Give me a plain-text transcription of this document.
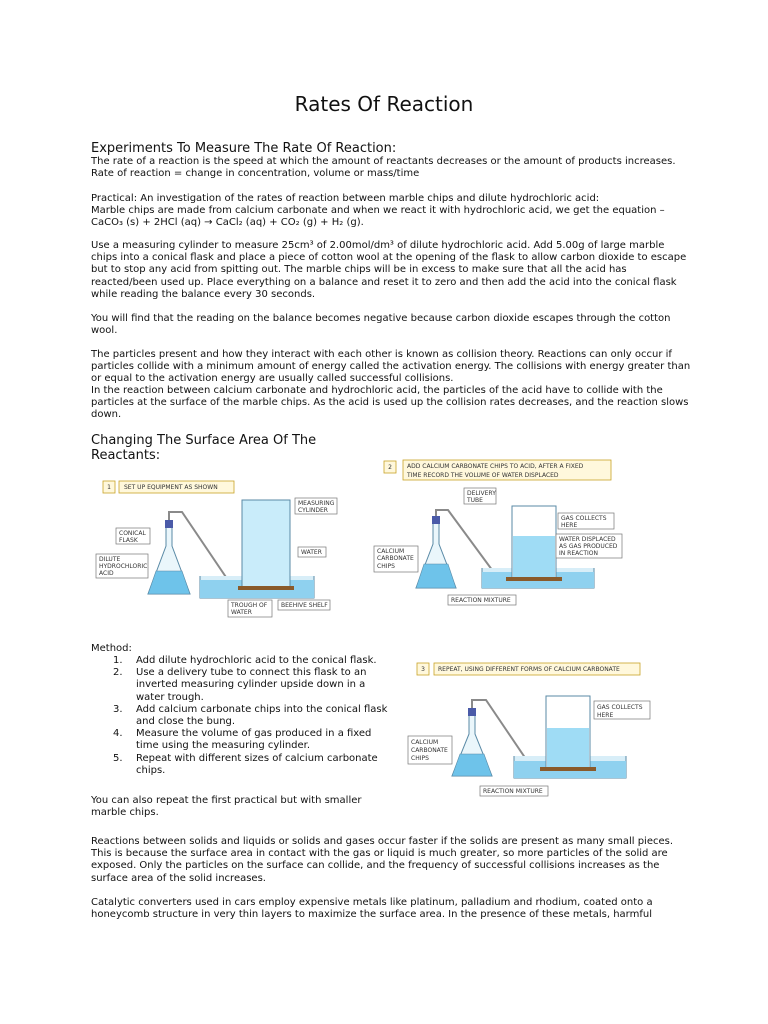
Rates Of Reaction
Experiments To Measure The Rate Of Reaction:

The rate of a reaction is the speed at which the amount of reactants decreases or the amount of products increases.
Rate of reaction = change in concentration, volume or mass/time

Practical: An investigation of the rates of reaction between marble chips and dilute hydrochloric acid:
Marble chips are made from calcium carbonate and when we react it with hydrochloric acid, we get the equation –
CaCO₃ (s) + 2HCl (aq) → CaCl₂ (aq) + CO₂ (g) + H₂ (g).

Use a measuring cylinder to measure 25cm³ of 2.00mol/dm³ of dilute hydrochloric acid. Add 5.00g of large marble chips into a conical flask and place a piece of cotton wool at the opening of the flask to allow carbon dioxide to escape but to stop any acid from spitting out. The marble chips will be in excess to make sure that all the acid has reacted/been used up. Place everything on a balance and reset it to zero and then add the acid into the conical flask while reading the balance every 30 seconds.

You will find that the reading on the balance becomes negative because carbon dioxide escapes through the cotton wool.

The particles present and how they interact with each other is known as collision theory. Reactions can only occur if particles collide with a minimum amount of energy called the activation energy. The collisions with energy greater than or equal to the activation energy are usually called successful collisions.

In the reaction between calcium carbonate and hydrochloric acid, the particles of the acid have to collide with the particles at the surface of the marble chips. As the acid is used up the collision rates decreases, and the reaction slows down.

Changing The Surface Area Of The
Reactants:
1 SET UP EQUIPMENT AS SHOWN
CONICAL
FLASK
DILUTE
HYDROCHLORIC
ACID
MEASURING
CYLINDER
WATER
TROUGH OF
WATER
BEEHIVE SHELF
2	ADD CALCIUM CARBONATE CHIPS TO ACID, AFTER A FIXED
TIME RECORD THE VOLUME OF WATER DISPLACED
DELIVERY
TUBE
GAS COLLECTS
HERE
WATER DISPLACED
AS GAS PRODUCED
IN REACTION
CALCIUM
CARBONATE
CHIPS
REACTION MIXTURE

Method:

1. Add dilute hydrochloric acid to the conical flask.
2. Use a delivery tube to connect this flask to an inverted measuring cylinder upside down in a water trough.
3. Add calcium carbonate chips into the conical flask and close the bung.
4. Measure the volume of gas produced in a fixed time using the measuring cylinder.
5. Repeat with different sizes of calcium carbonate chips.

You can also repeat the first practical but with smaller marble chips.

3 REPEAT, USING DIFFERENT FORMS OF CALCIUM CARBONATE
GAS COLLECTS
HERE
CALCIUM
CARBONATE
CHIPS
REACTION MIXTURE

Reactions between solids and liquids or solids and gases occur faster if the solids are present as many small pieces. This is because the surface area in contact with the gas or liquid is much greater, so more particles of the solid are exposed. Only the particles on the surface can collide, and the frequency of successful collisions increases as the surface area of the solid increases.

Catalytic converters used in cars employ expensive metals like platinum, palladium and rhodium, coated onto a honeycomb structure in very thin layers to maximize the surface area. In the presence of these metals, harmful
